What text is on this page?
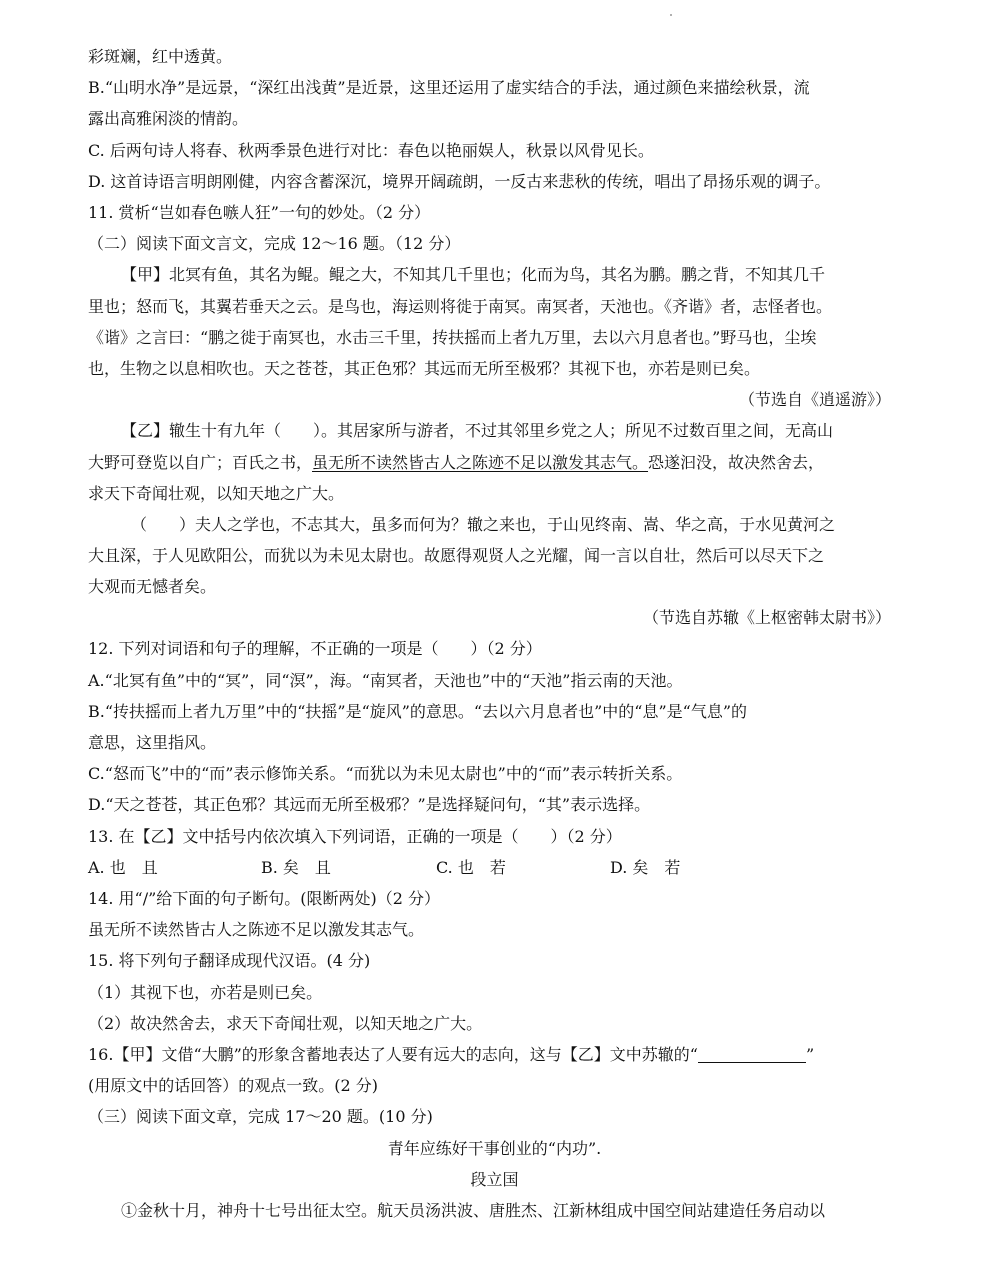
彩斑斓，红中透黄。
B.“山明水净”是远景，“深红出浅黄”是近景，这里还运用了虚实结合的手法，通过颜色来描绘秋景，流
露出高雅闲淡的情韵。
C. 后两句诗人将春、秋两季景色进行对比：春色以艳丽娱人，秋景以风骨见长。
D. 这首诗语言明朗刚健，内容含蓄深沉，境界开阔疏朗，一反古来悲秋的传统，唱出了昂扬乐观的调子。
11. 赏析“岂如春色嗾人狂”一句的妙处。（2 分）
（二）阅读下面文言文，完成 12～16 题。（12 分）
【甲】北冥有鱼，其名为鲲。鲲之大，不知其几千里也；化而为鸟，其名为鹏。鹏之背，不知其几千
里也；怒而飞，其翼若垂天之云。是鸟也，海运则将徙于南冥。南冥者，天池也。《齐谐》者，志怪者也。
《谐》之言曰：“鹏之徙于南冥也，水击三千里，抟扶摇而上者九万里，去以六月息者也。”野马也，尘埃
也，生物之以息相吹也。天之苍苍，其正色邪？其远而无所至极邪？其视下也，亦若是则已矣。
（节选自《逍遥游》）
【乙】辙生十有九年（　　）。其居家所与游者，不过其邻里乡党之人；所见不过数百里之间，无高山
大野可登览以自广；百氏之书，虽无所不读然皆古人之陈迹不足以激发其志气。恐遂汩没，故决然舍去，
求天下奇闻壮观，以知天地之广大。
（　　）夫人之学也，不志其大，虽多而何为？辙之来也，于山见终南、嵩、华之高，于水见黄河之
大且深，于人见欧阳公，而犹以为未见太尉也。故愿得观贤人之光耀，闻一言以自壮，然后可以尽天下之
大观而无憾者矣。
（节选自苏辙《上枢密韩太尉书》）
12. 下列对词语和句子的理解，不正确的一项是（　　）（2 分）
A.“北冥有鱼”中的“冥”，同“溟”，海。“南冥者，天池也”中的“天池”指云南的天池。
B.“抟扶摇而上者九万里”中的“扶摇”是“旋风”的意思。“去以六月息者也”中的“息”是“气息”的
意思，这里指风。
C.“怒而飞”中的“而”表示修饰关系。“而犹以为未见太尉也”中的“而”表示转折关系。
D.“天之苍苍，其正色邪？其远而无所至极邪？”是选择疑问句，“其”表示选择。
13. 在【乙】文中括号内依次填入下列词语，正确的一项是（　　）（2 分）
A. 也　且	B. 矣　且	C. 也　若	D. 矣　若
14. 用“/”给下面的句子断句。(限断两处)（2 分）
虽无所不读然皆古人之陈迹不足以激发其志气。
15. 将下列句子翻译成现代汉语。(4 分)
（1）其视下也，亦若是则已矣。
（2）故决然舍去，求天下奇闻壮观，以知天地之广大。
16.【甲】文借“大鹏”的形象含蓄地表达了人要有远大的志向，这与【乙】文中苏辙的“	”
(用原文中的话回答）的观点一致。(2 分)
（三）阅读下面文章，完成 17～20 题。(10 分)
青年应练好干事创业的“内功”.
段立国
①金秋十月，神舟十七号出征太空。航天员汤洪波、唐胜杰、江新林组成中国空间站建造任务启动以
